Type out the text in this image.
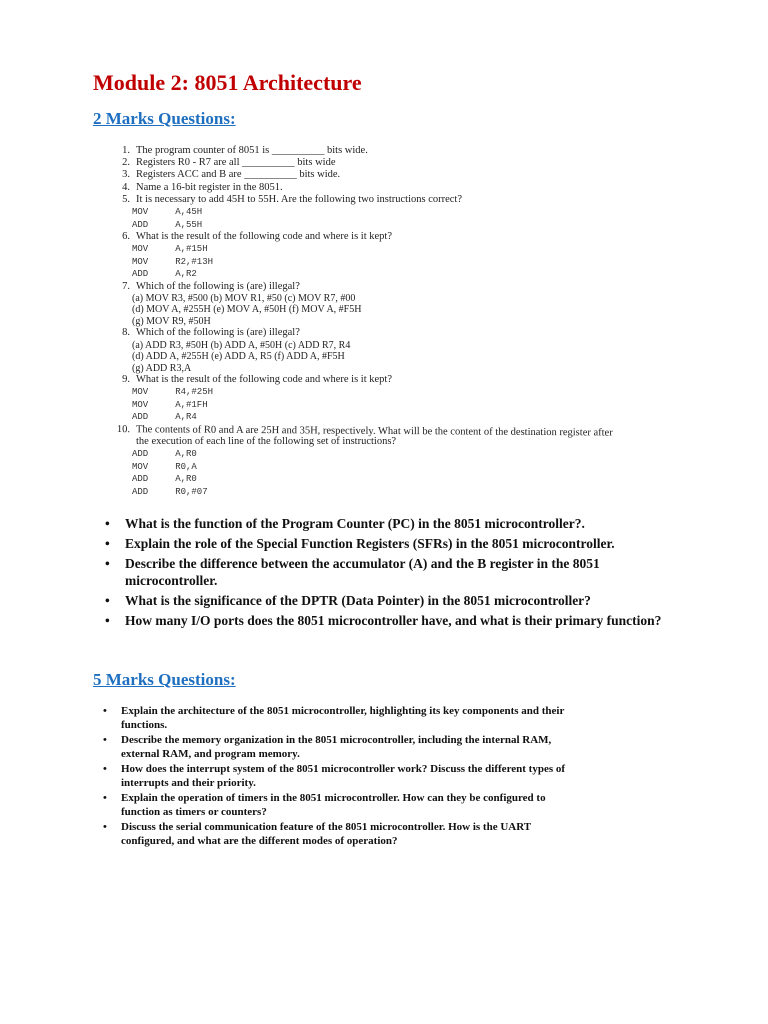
Module 2: 8051 Architecture
2 Marks Questions:
1. The program counter of 8051 is __________ bits wide.
2. Registers R0 - R7 are all __________ bits wide
3. Registers ACC and B are __________ bits wide.
4. Name a 16-bit register in the 8051.
5. It is necessary to add 45H to 55H. Are the following two instructions correct?
MOV     A,45H
ADD     A,55H
6. What is the result of the following code and where is it kept?
MOV     A,#15H
MOV     R2,#13H
ADD     A,R2
7. Which of the following is (are) illegal?
(a) MOV R3, #500 (b) MOV R1, #50 (c) MOV R7, #00
(d) MOV A, #255H (e) MOV A, #50H (f) MOV A, #F5H
(g) MOV R9, #50H
8. Which of the following is (are) illegal?
(a) ADD R3, #50H (b) ADD A, #50H (c) ADD R7, R4
(d) ADD A, #255H (e) ADD A, R5 (f) ADD A, #F5H
(g) ADD R3,A
9. What is the result of the following code and where is it kept?
MOV     R4,#25H
MOV     A,#1FH
ADD     A,R4
10. The contents of R0 and A are 25H and 35H, respectively. What will be the content of the destination register after
the execution of each line of the following set of instructions?
ADD     A,R0
MOV     R0,A
ADD     A,R0
ADD     R0,#07
• What is the function of the Program Counter (PC) in the 8051 microcontroller?.
• Explain the role of the Special Function Registers (SFRs) in the 8051 microcontroller.
• Describe the difference between the accumulator (A) and the B register in the 8051 microcontroller.
• What is the significance of the DPTR (Data Pointer) in the 8051 microcontroller?
• How many I/O ports does the 8051 microcontroller have, and what is their primary function?
5 Marks Questions:
• Explain the architecture of the 8051 microcontroller, highlighting its key components and their functions.
• Describe the memory organization in the 8051 microcontroller, including the internal RAM, external RAM, and program memory.
• How does the interrupt system of the 8051 microcontroller work? Discuss the different types of interrupts and their priority.
• Explain the operation of timers in the 8051 microcontroller. How can they be configured to function as timers or counters?
• Discuss the serial communication feature of the 8051 microcontroller. How is the UART configured, and what are the different modes of operation?
